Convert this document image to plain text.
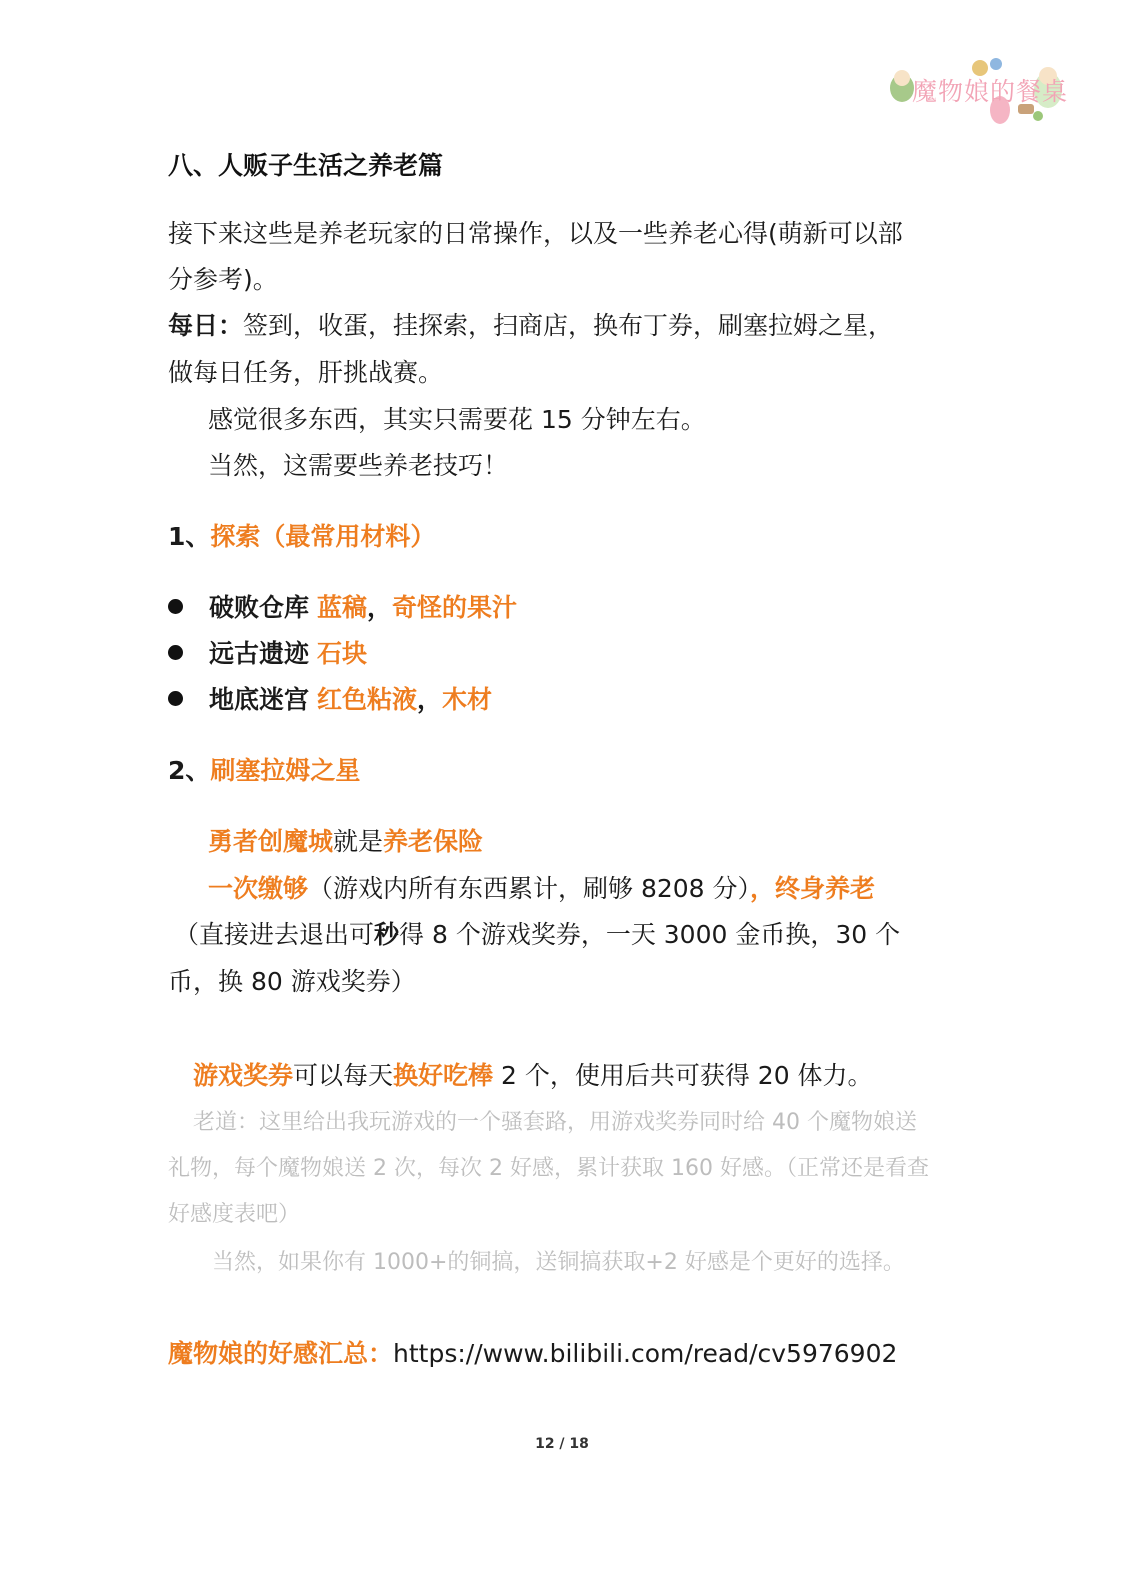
魔物娘的餐桌
八、人贩子生活之养老篇
接下来这些是养老玩家的日常操作，以及一些养老心得(萌新可以部
分参考)。
每日：签到，收蛋，挂探索，扫商店，换布丁券，刷塞拉姆之星，
做每日任务，肝挑战赛。
感觉很多东西，其实只需要花 15 分钟左右。
当然，这需要些养老技巧！
1、探索（最常用材料）
破败仓库 蓝稿，奇怪的果汁
远古遗迹 石块
地底迷宫 红色粘液，木材
2、刷塞拉姆之星
勇者创魔城就是养老保险
一次缴够（游戏内所有东西累计，刷够 8208 分），终身养老
（直接进去退出可秒得 8 个游戏奖券，一天 3000 金币换，30 个
币，换 80 游戏奖券）
游戏奖券可以每天换好吃棒 2 个，使用后共可获得 20 体力。
老道：这里给出我玩游戏的一个骚套路，用游戏奖券同时给 40 个魔物娘送
礼物，每个魔物娘送 2 次，每次 2 好感，累计获取 160 好感。（正常还是看查
好感度表吧）
当然，如果你有 1000+的铜搞，送铜搞获取+2 好感是个更好的选择。
魔物娘的好感汇总：https://www.bilibili.com/read/cv5976902
12 / 18
